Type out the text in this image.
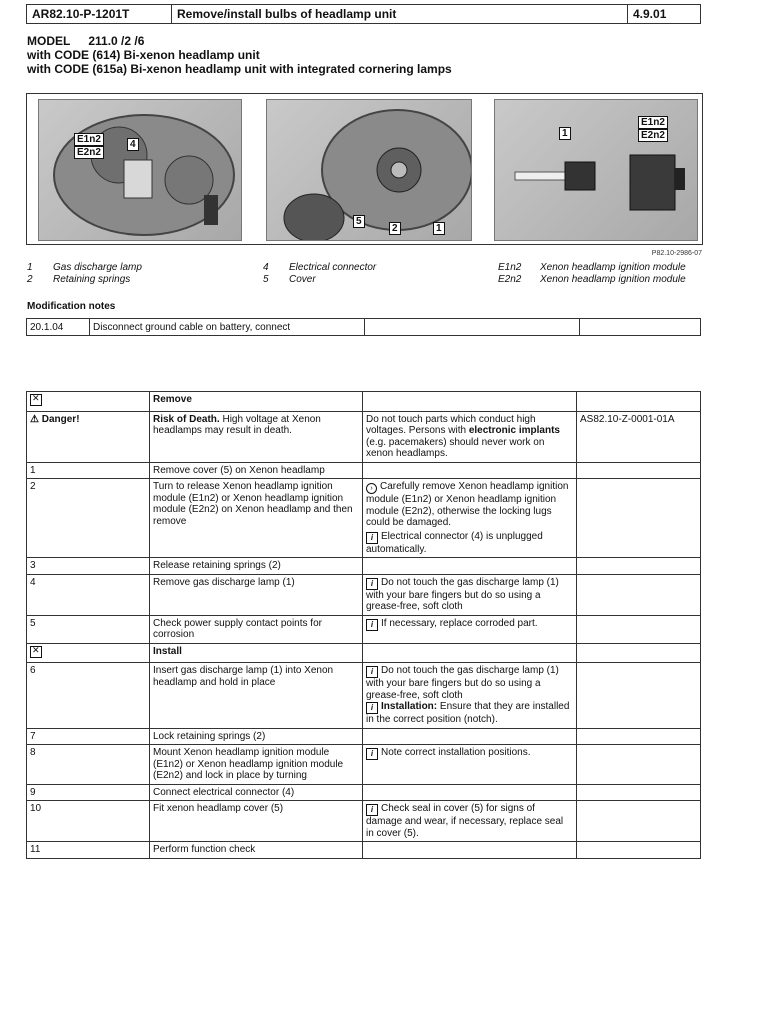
AR82.10-P-1201T	Remove/install bulbs of headlamp unit	4.9.01
MODEL 211.0 /2 /6
with CODE (614) Bi-xenon headlamp unit
with CODE (615a) Bi-xenon headlamp unit with integrated cornering lamps
E1n2
E2n2
4
5
2	1
1
E1n2
E2n2
P82.10-2986-07
1 Gas discharge lamp
2 Retaining springs
4 Electrical connector
5 Cover
E1n2 Xenon headlamp ignition module
E2n2 Xenon headlamp ignition module
Modification notes
20.1.04	Disconnect ground cable on battery, connect		
✕	Remove		
⚠ Danger!	Risk of Death. High voltage at Xenon headlamps may result in death.	Do not touch parts which conduct high voltages. Persons with electronic implants (e.g. pacemakers) should never work on xenon headlamps.	AS82.10-Z-0001-01A
1	Remove cover (5) on Xenon headlamp		
2	Turn to release Xenon headlamp ignition module (E1n2) or Xenon headlamp ignition module (E2n2) on Xenon headlamp and then remove	› Carefully remove Xenon headlamp ignition module (E1n2) or Xenon headlamp ignition module (E2n2), otherwise the locking lugs could be damaged.
i Electrical connector (4) is unplugged automatically.	

3	Release retaining springs (2)		
4	Remove gas discharge lamp (1)	i Do not touch the gas discharge lamp (1) with your bare fingers but do so using a grease-free, soft cloth	
5	Check power supply contact points for corrosion	i If necessary, replace corroded part.	
✕	Install		
6	Insert gas discharge lamp (1) into Xenon headlamp and hold in place	i Do not touch the gas discharge lamp (1) with your bare fingers but do so using a grease-free, soft cloth
i Installation: Ensure that they are installed in the correct position (notch).	

7	Lock retaining springs (2)		
8	Mount Xenon headlamp ignition module (E1n2) or Xenon headlamp ignition module (E2n2) and lock in place by turning	i Note correct installation positions.	
9	Connect electrical connector (4)		
10	Fit xenon headlamp cover (5)	i Check seal in cover (5) for signs of damage and wear, if necessary, replace seal in cover (5).	
11	Perform function check		
